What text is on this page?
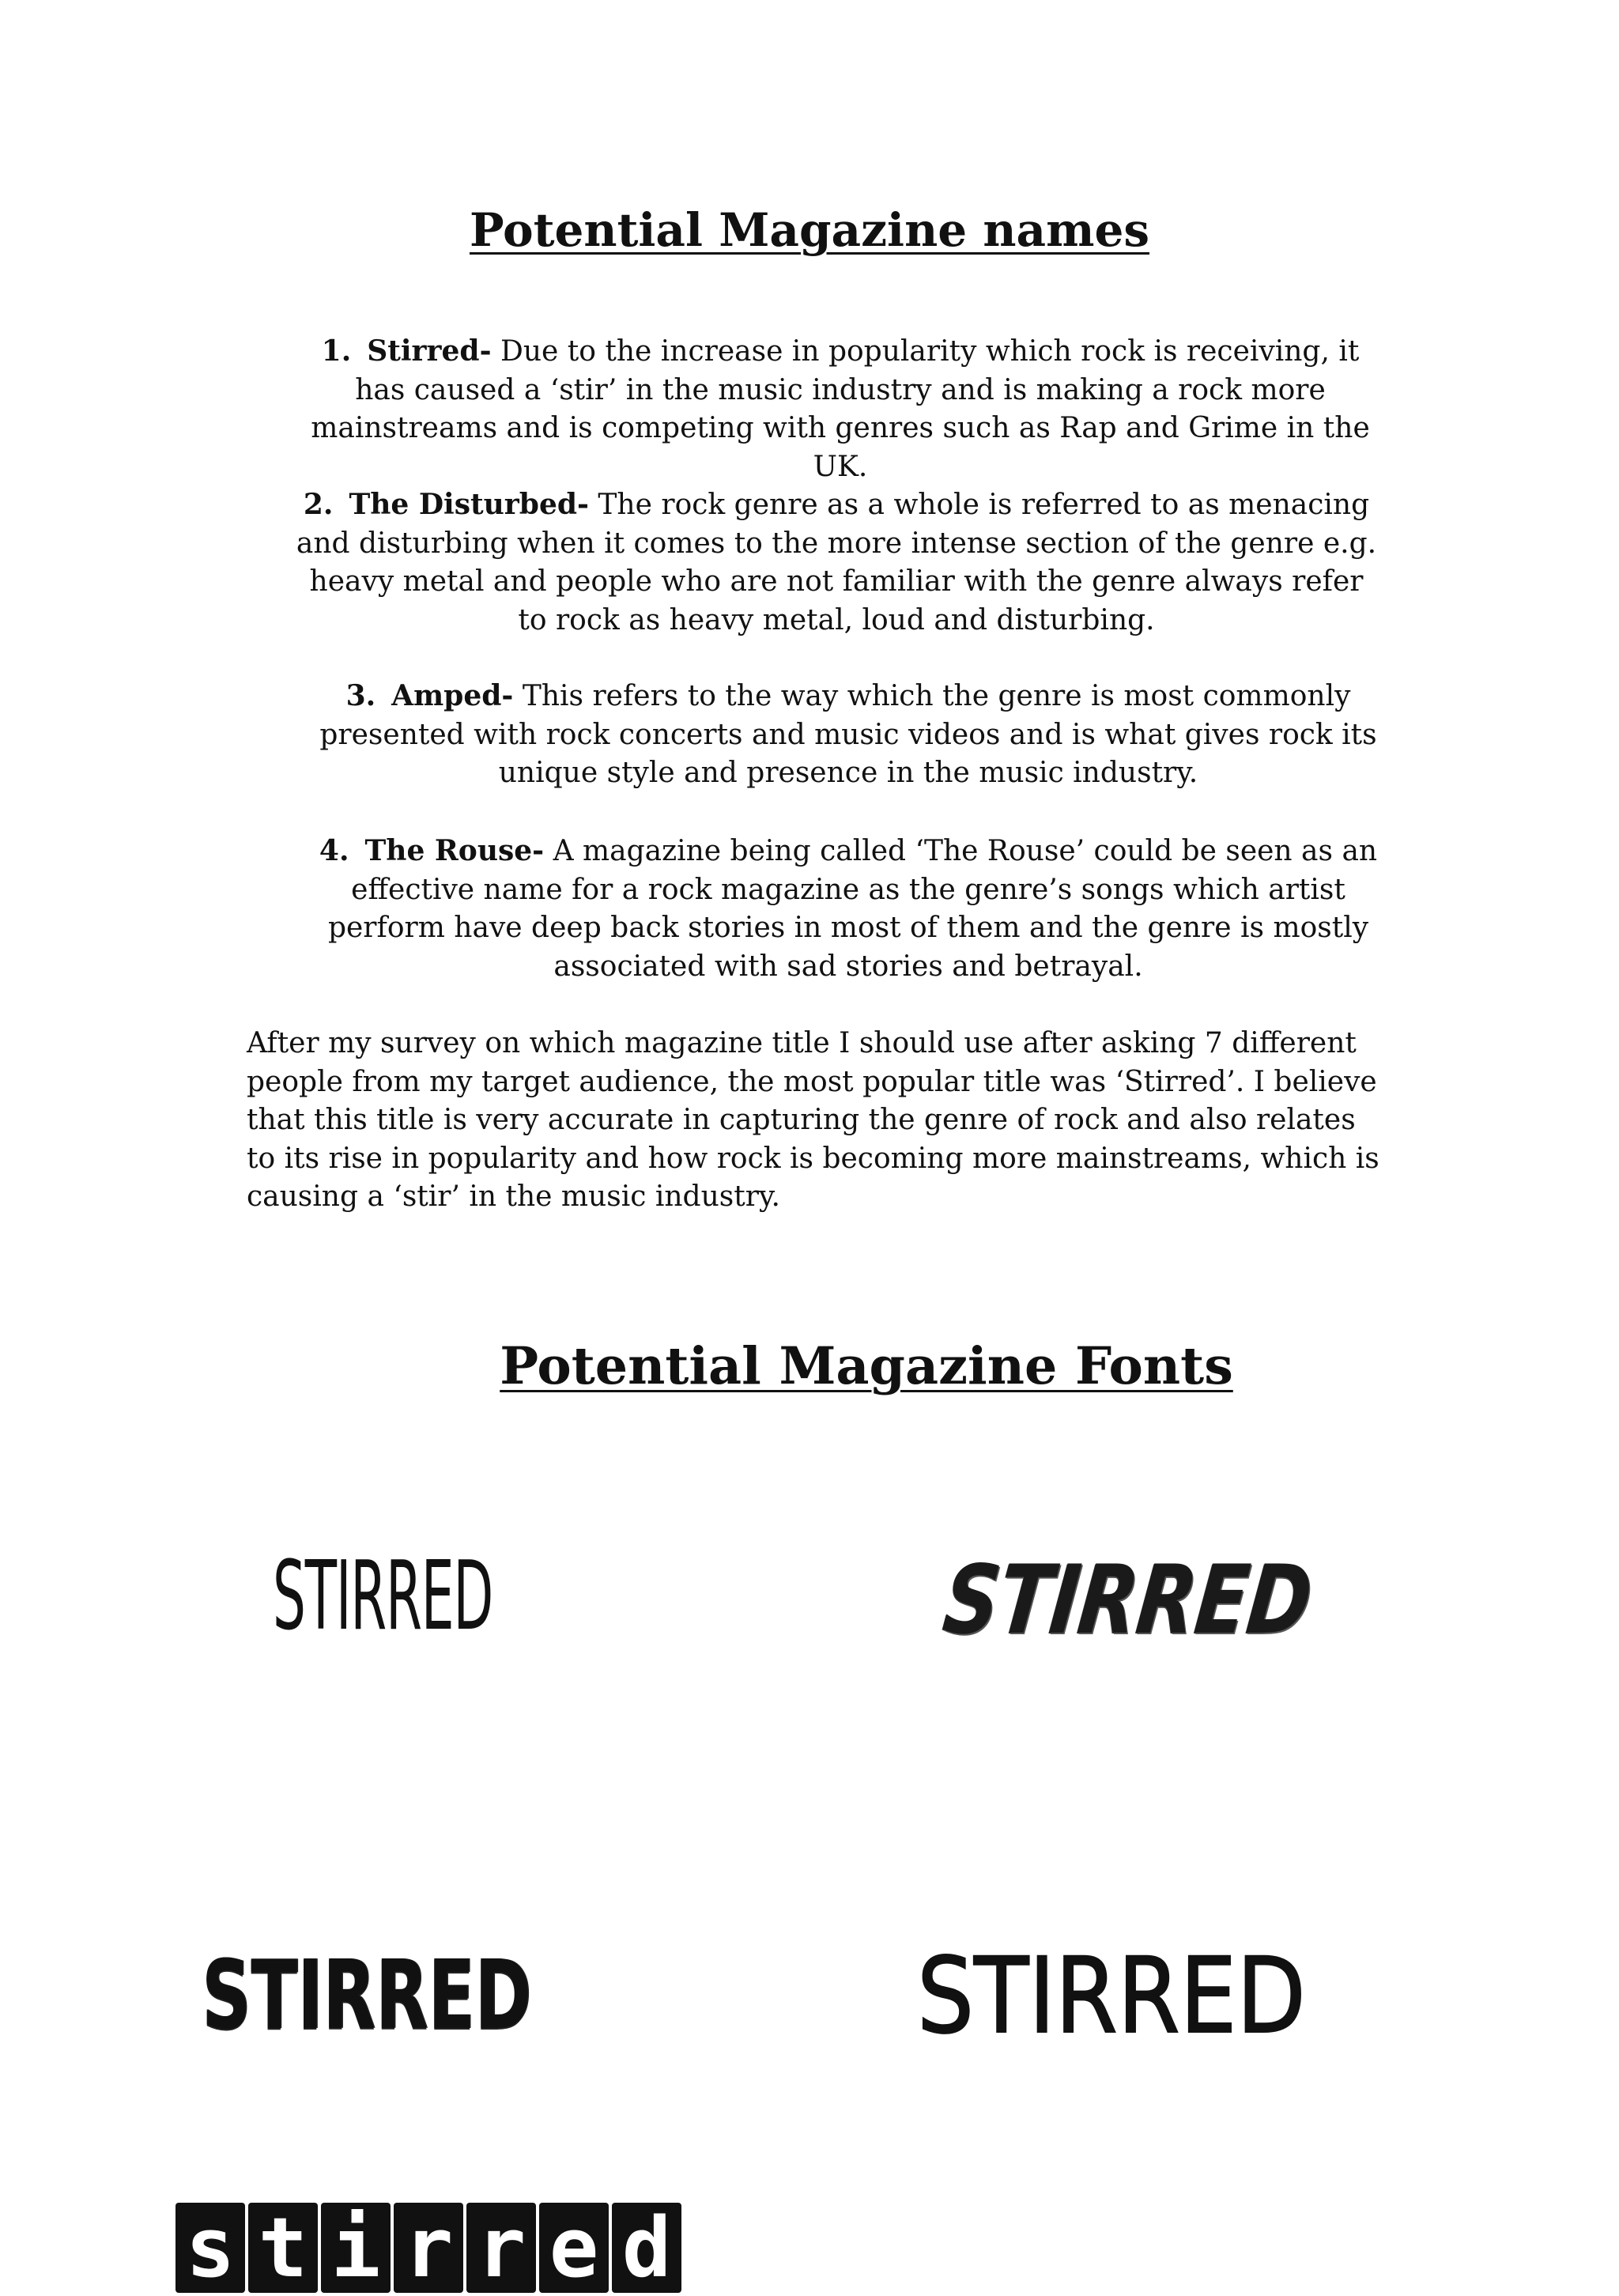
Potential Magazine names
1. Stirred- Due to the increase in popularity which rock is receiving, it has caused a ‘stir’ in the music industry and is making a rock more mainstreams and is competing with genres such as Rap and Grime in the UK.
2. The Disturbed- The rock genre as a whole is referred to as menacing and disturbing when it comes to the more intense section of the genre e.g. heavy metal and people who are not familiar with the genre always refer to rock as heavy metal, loud and disturbing.
3. Amped- This refers to the way which the genre is most commonly presented with rock concerts and music videos and is what gives rock its unique style and presence in the music industry.
4. The Rouse- A magazine being called ‘The Rouse’ could be seen as an effective name for a rock magazine as the genre’s songs which artist perform have deep back stories in most of them and the genre is mostly associated with sad stories and betrayal.

After my survey on which magazine title I should use after asking 7 different people from my target audience, the most popular title was ‘Stirred’. I believe that this title is very accurate in capturing the genre of rock and also relates to its rise in popularity and how rock is becoming more mainstreams, which is causing a ‘stir’ in the music industry.

Potential Magazine Fonts
STIRRED	STIRRED
STIRRED	STIRRED
s t i r r e d
